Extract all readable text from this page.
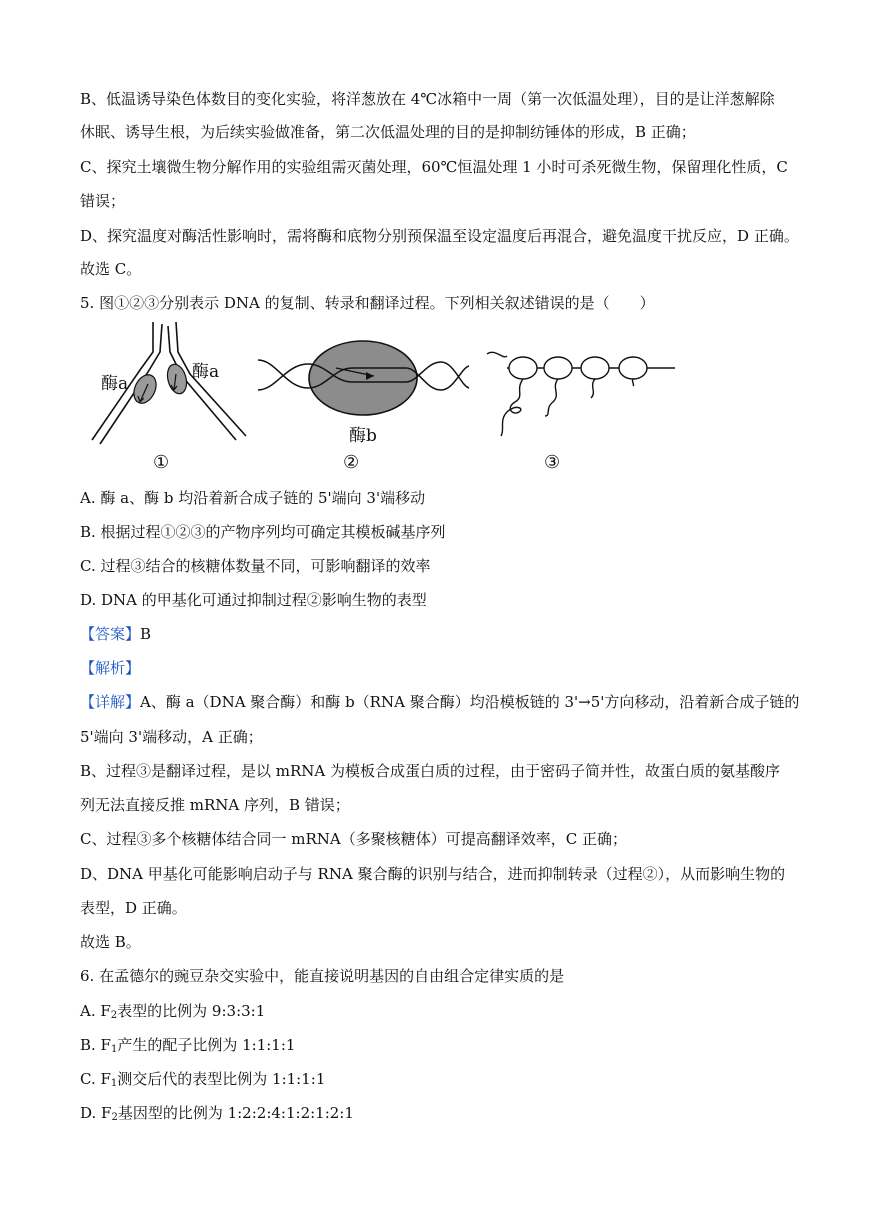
B、低温诱导染色体数目的变化实验，将洋葱放在 4℃冰箱中一周（第一次低温处理），目的是让洋葱解除
休眠、诱导生根，为后续实验做准备，第二次低温处理的目的是抑制纺锤体的形成，B 正确；
C、探究土壤微生物分解作用的实验组需灭菌处理，60℃恒温处理 1 小时可杀死微生物，保留理化性质，C
错误；
D、探究温度对酶活性影响时，需将酶和底物分别预保温至设定温度后再混合，避免温度干扰反应，D 正确。
故选 C。
5. 图①②③分别表示 DNA 的复制、转录和翻译过程。下列相关叙述错误的是（　　）
酶a
酶a
①
酶b
②	③
A. 酶 a、酶 b 均沿着新合成子链的 5'端向 3'端移动
B. 根据过程①②③的产物序列均可确定其模板碱基序列
C. 过程③结合的核糖体数量不同，可影响翻译的效率
D. DNA 的甲基化可通过抑制过程②影响生物的表型
【答案】B
【解析】
【详解】A、酶 a（DNA 聚合酶）和酶 b（RNA 聚合酶）均沿模板链的 3'→5'方向移动，沿着新合成子链的
5'端向 3'端移动，A 正确；
B、过程③是翻译过程，是以 mRNA 为模板合成蛋白质的过程，由于密码子简并性，故蛋白质的氨基酸序
列无法直接反推 mRNA 序列，B 错误；
C、过程③多个核糖体结合同一 mRNA（多聚核糖体）可提高翻译效率，C 正确；
D、DNA 甲基化可能影响启动子与 RNA 聚合酶的识别与结合，进而抑制转录（过程②），从而影响生物的
表型，D 正确。
故选 B。
6. 在孟德尔的豌豆杂交实验中，能直接说明基因的自由组合定律实质的是
A. $F_2$表型的比例为 9:3:3:1
B. $F_1$产生的配子比例为 1:1:1:1
C. $F_1$测交后代的表型比例为 1:1:1:1
D. $F_2$基因型的比例为 1:2:2:4:1:2:1:2:1
